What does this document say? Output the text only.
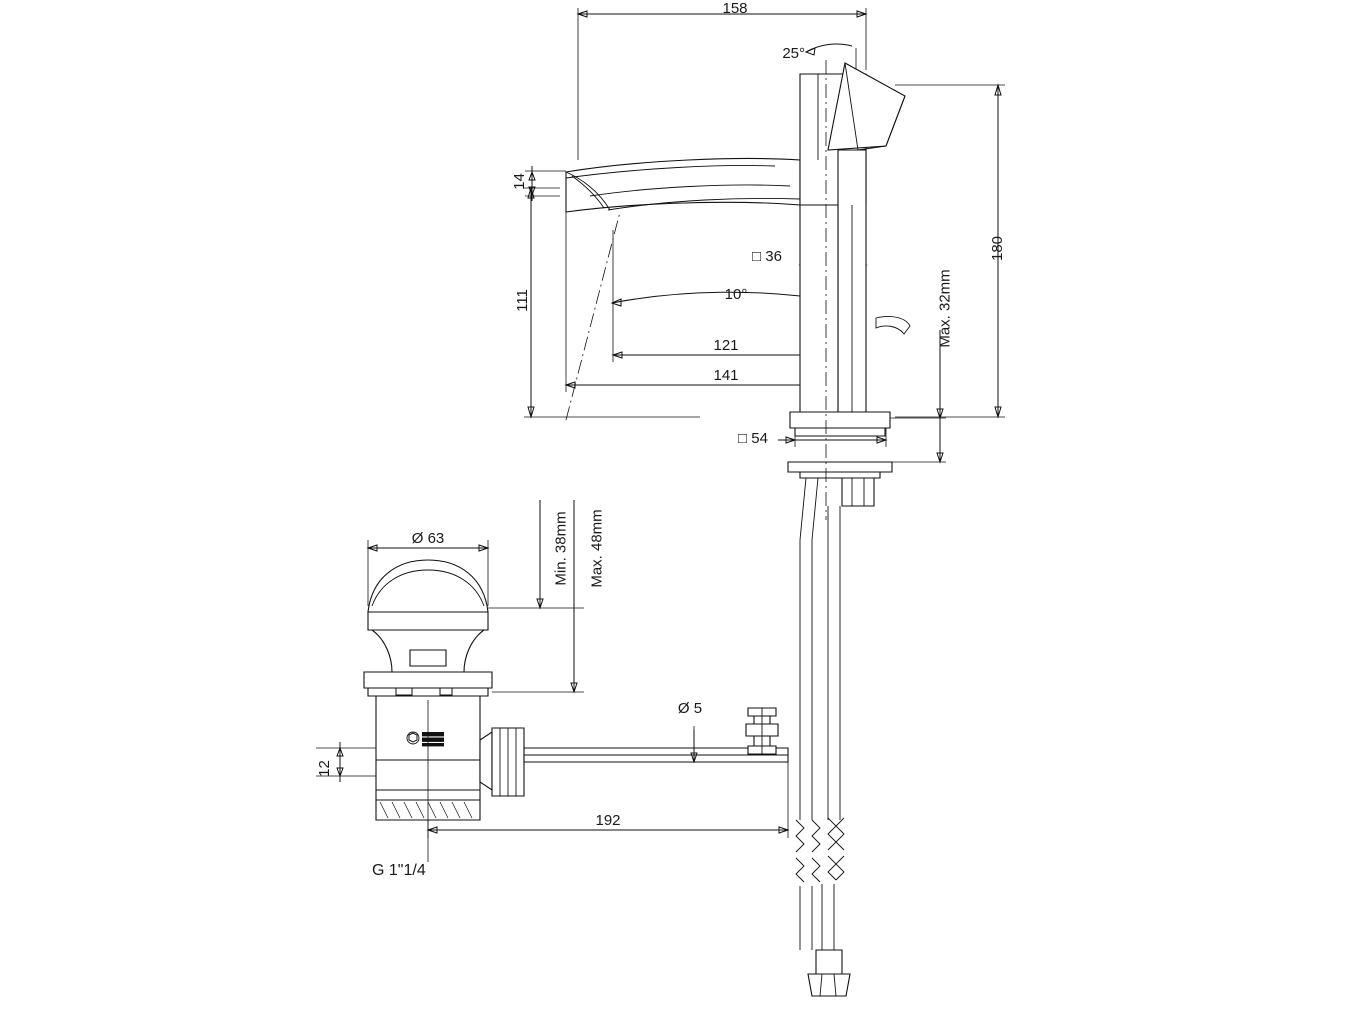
158
25°
180
111
14
□ 36
10°
121
141
□ 54
Max. 32mm
Ø 63	Min. 38mm	Max. 48mm
12
Ø 5
192
G 1"1/4
